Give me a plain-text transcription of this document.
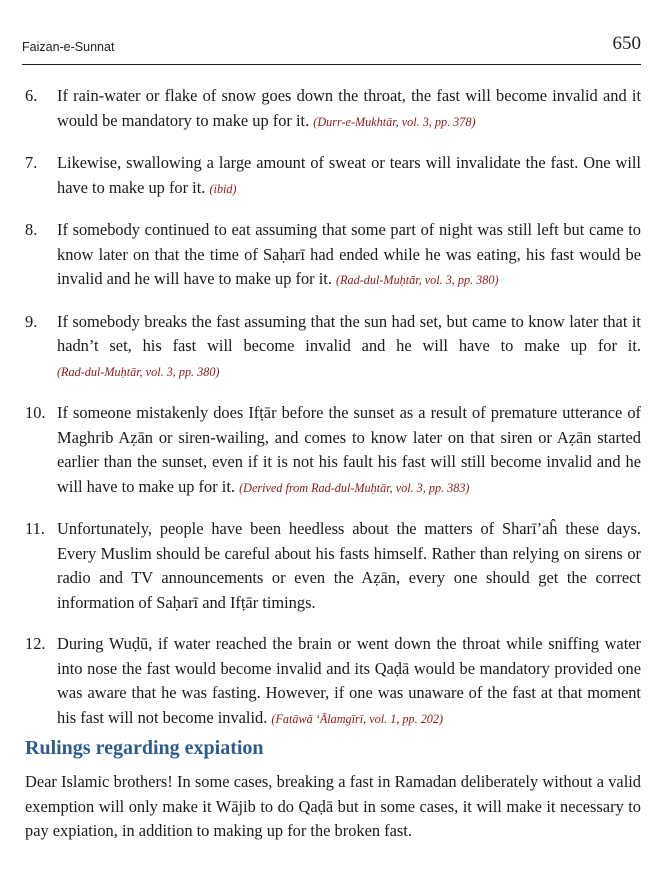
Faizan-e-Sunnat	650
6.	If rain-water or flake of snow goes down the throat, the fast will become invalid and it would be mandatory to make up for it. (Durr-e-Mukhtār, vol. 3, pp. 378)
7.	Likewise, swallowing a large amount of sweat or tears will invalidate the fast. One will have to make up for it. (ibid)
8.	If somebody continued to eat assuming that some part of night was still left but came to know later on that the time of Saḥarī had ended while he was eating, his fast would be invalid and he will have to make up for it. (Rad-dul-Muḥtār, vol. 3, pp. 380)
9.	If somebody breaks the fast assuming that the sun had set, but came to know later that it hadn’t set, his fast will become invalid and he will have to make up for it. (Rad-dul-Muḥtār, vol. 3, pp. 380)
10. If someone mistakenly does Ifṭār before the sunset as a result of premature utterance of Maghrib Aẓān or siren-wailing, and comes to know later on that siren or Aẓān started earlier than the sunset, even if it is not his fault his fast will still become invalid and he will have to make up for it. (Derived from Rad-dul-Muḥtār, vol. 3, pp. 383)
11. Unfortunately, people have been heedless about the matters of Sharī’aĥ these days. Every Muslim should be careful about his fasts himself. Rather than relying on sirens or radio and TV announcements or even the Aẓān, every one should get the correct information of Saḥarī and Ifṭār timings.
12. During Wuḍū, if water reached the brain or went down the throat while sniffing water into nose the fast would become invalid and its Qaḍā would be mandatory provided one was aware that he was fasting. However, if one was unaware of the fast at that moment his fast will not become invalid. (Fatāwā ‘Ālamgīrī, vol. 1, pp. 202)
Rulings regarding expiation

Dear Islamic brothers! In some cases, breaking a fast in Ramadan deliberately without a valid exemption will only make it Wājib to do Qaḍā but in some cases, it will make it necessary to pay expiation, in addition to making up for the broken fast.
